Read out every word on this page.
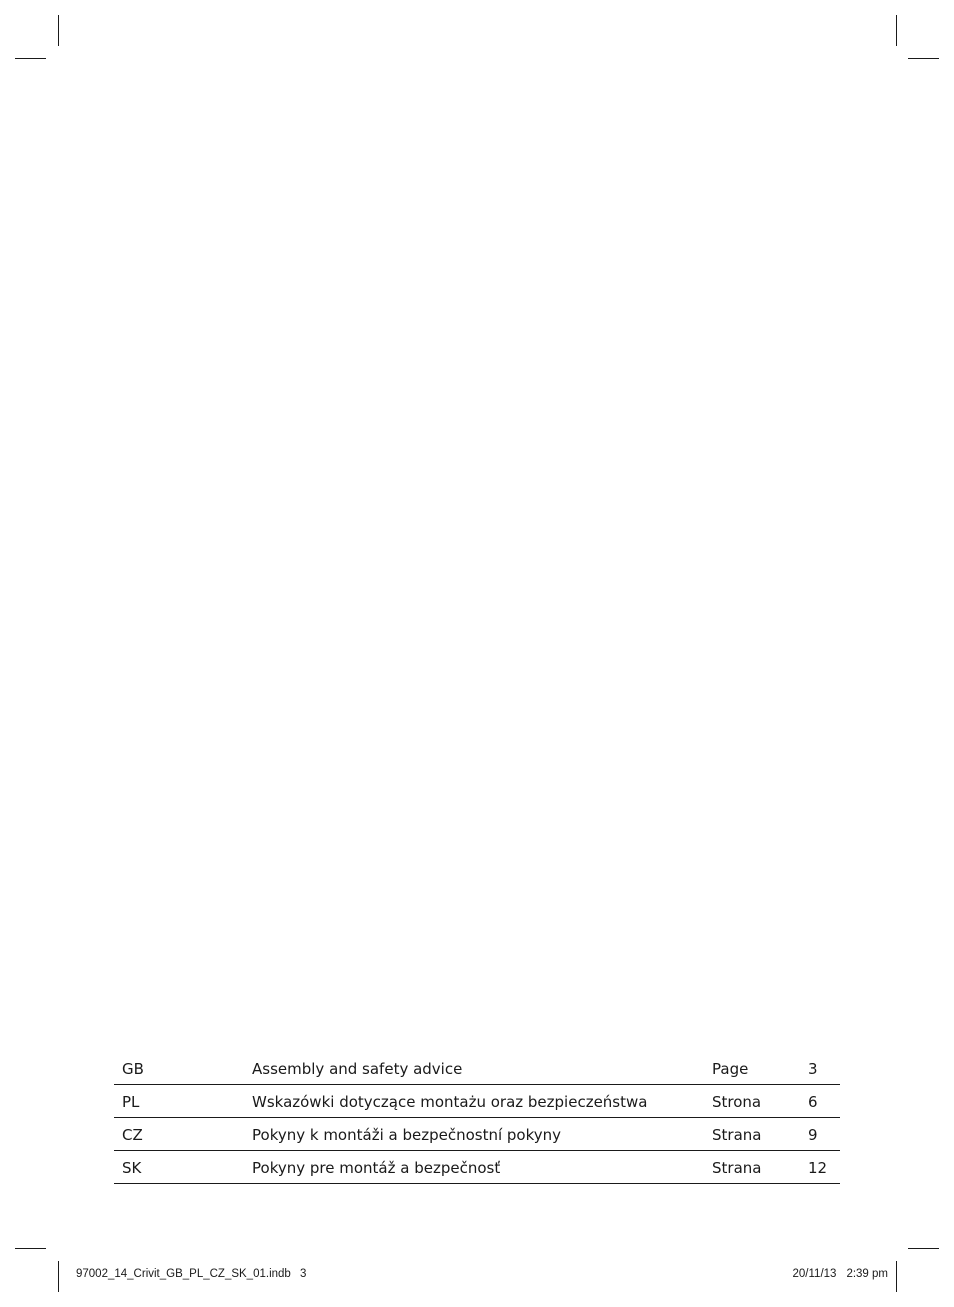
GB	Assembly and safety advice	Page	3
PL	Wskazówki dotyczące montażu oraz bezpieczeństwa	Strona	6
CZ	Pokyny k montáži a bezpečnostní pokyny	Strana	9
SK	Pokyny pre montáž a bezpečnosť	Strana	12
97002_14_Crivit_GB_PL_CZ_SK_01.indb 3	20/11/13 2:39 pm
